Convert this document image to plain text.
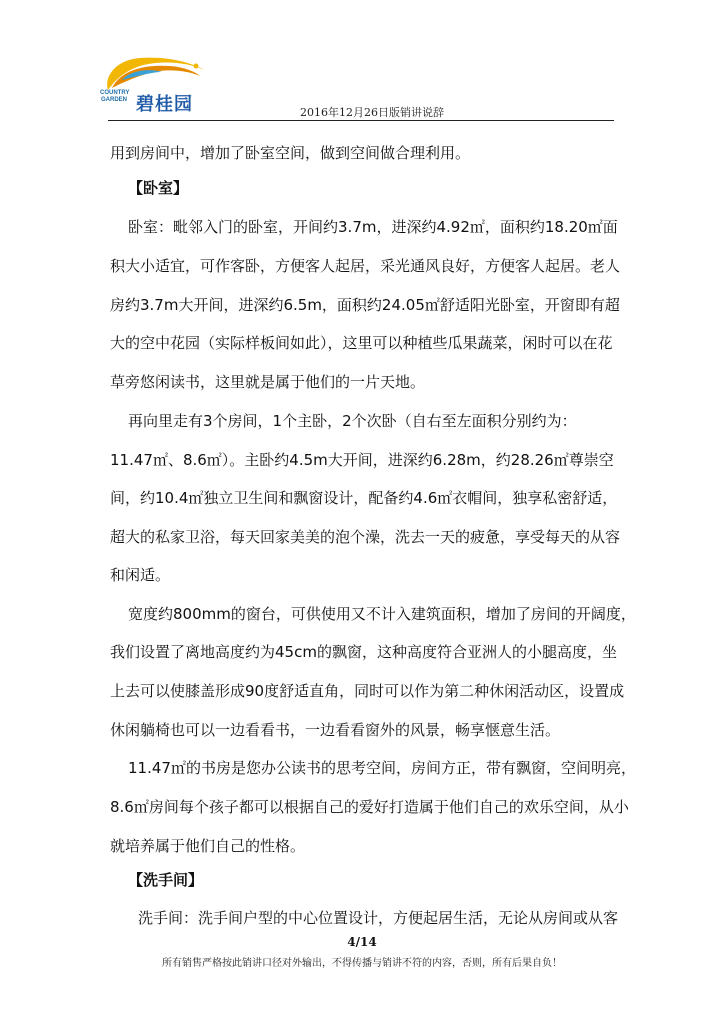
COUNTRY GARDEN 碧桂园	2016年12月26日版销讲说辞
用到房间中，增加了卧室空间，做到空间做合理利用。
【卧室】
卧室：毗邻入门的卧室，开间约3.7m，进深约4.92㎡，面积约18.20㎡面
积大小适宜，可作客卧，方便客人起居，采光通风良好，方便客人起居。老人
房约3.7m大开间，进深约6.5m，面积约24.05㎡舒适阳光卧室，开窗即有超
大的空中花园（实际样板间如此），这里可以种植些瓜果蔬菜，闲时可以在花
草旁悠闲读书，这里就是属于他们的一片天地。
再向里走有3个房间，1个主卧，2个次卧（自右至左面积分别约为：
11.47㎡、8.6㎡）。主卧约4.5m大开间，进深约6.28m，约28.26㎡尊崇空
间，约10.4㎡独立卫生间和飘窗设计，配备约4.6㎡衣帽间，独享私密舒适，
超大的私家卫浴，每天回家美美的泡个澡，洗去一天的疲惫，享受每天的从容
和闲适。
宽度约800mm的窗台，可供使用又不计入建筑面积，增加了房间的开阔度，
我们设置了离地高度约为45cm的飘窗，这种高度符合亚洲人的小腿高度，坐
上去可以使膝盖形成90度舒适直角，同时可以作为第二种休闲活动区，设置成
休闲躺椅也可以一边看看书，一边看看窗外的风景，畅享惬意生活。
11.47㎡的书房是您办公读书的思考空间，房间方正，带有飘窗，空间明亮，
8.6㎡房间每个孩子都可以根据自己的爱好打造属于他们自己的欢乐空间，从小
就培养属于他们自己的性格。
【洗手间】
洗手间：洗手间户型的中心位置设计，方便起居生活，无论从房间或从客
4/14
所有销售严格按此销讲口径对外输出，不得传播与销讲不符的内容，否则，所有后果自负！
